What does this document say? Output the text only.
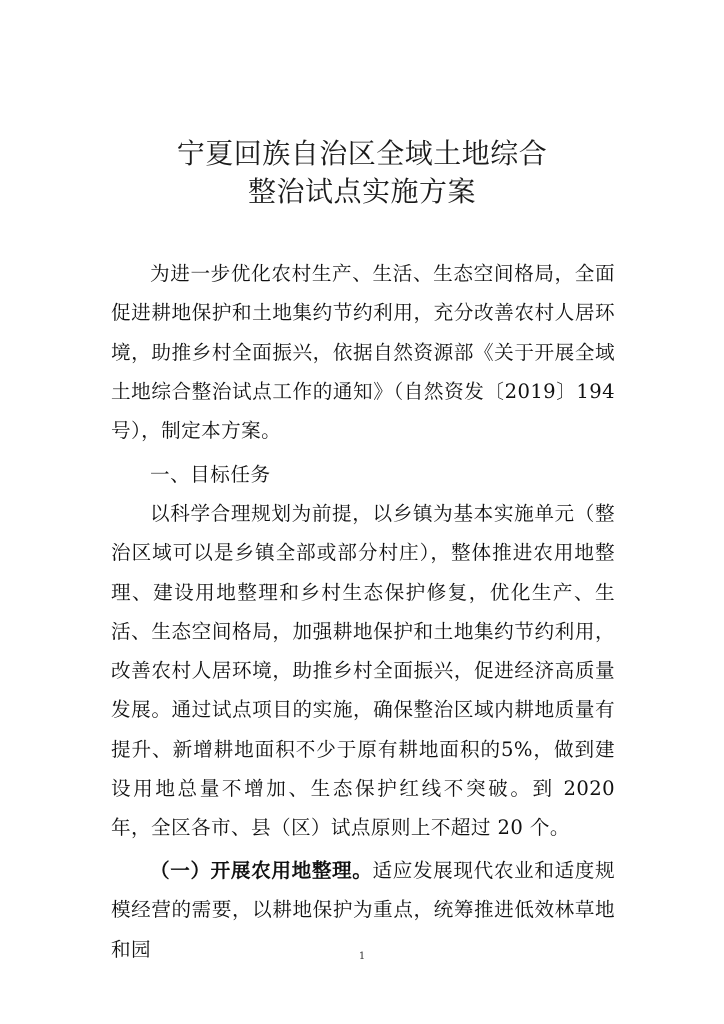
宁夏回族自治区全域土地综合
整治试点实施方案
为进一步优化农村生产、生活、生态空间格局，全面促进耕地保护和土地集约节约利用，充分改善农村人居环境，助推乡村全面振兴，依据自然资源部《关于开展全域土地综合整治试点工作的通知》（自然资发〔2019〕194 号），制定本方案。
一、目标任务
以科学合理规划为前提，以乡镇为基本实施单元（整治区域可以是乡镇全部或部分村庄），整体推进农用地整理、建设用地整理和乡村生态保护修复，优化生产、生活、生态空间格局，加强耕地保护和土地集约节约利用，改善农村人居环境，助推乡村全面振兴，促进经济高质量发展。通过试点项目的实施，确保整治区域内耕地质量有提升、新增耕地面积不少于原有耕地面积的5%，做到建设用地总量不增加、生态保护红线不突破。到 2020 年，全区各市、县（区）试点原则上不超过 20 个。
（一）开展农用地整理。适应发展现代农业和适度规模经营的需要，以耕地保护为重点，统筹推进低效林草地和园	1
